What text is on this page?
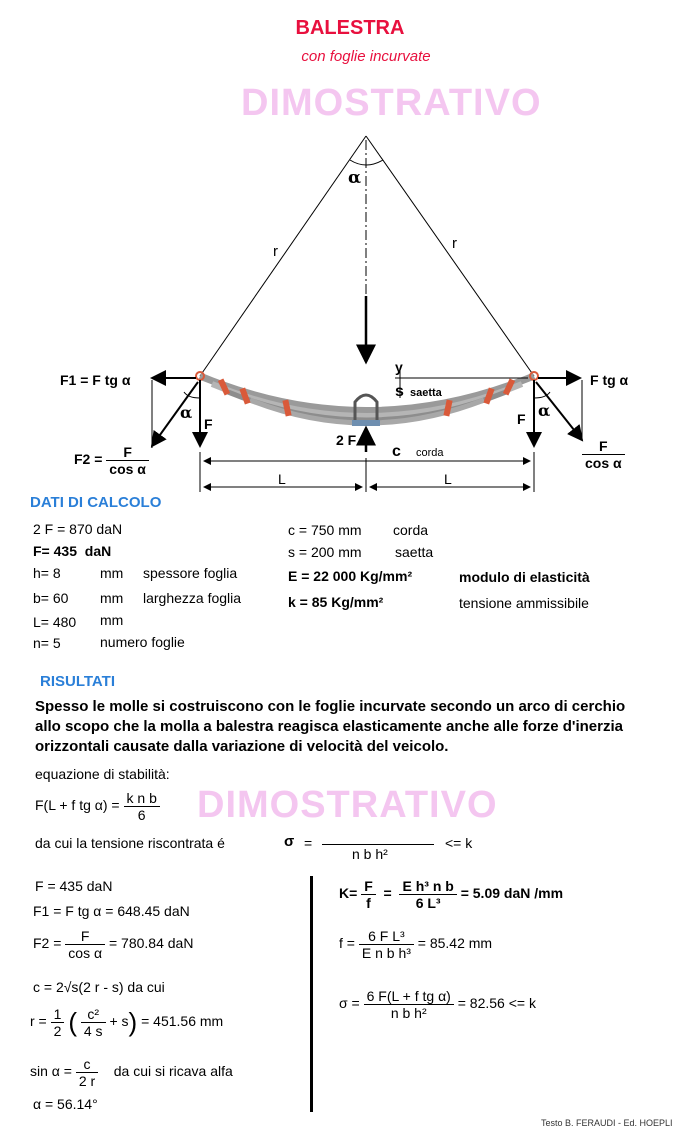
BALESTRA
con foglie incurvate
DIMOSTRATIVO
α
r	r
F1 = F tg α	F tg α
α	α
F	F
2 F
y
s saetta
c corda
L	L
$F2 = \frac{F}{\text{cos α}}$	$\frac{F}{\text{cos α}}$
DATI DI CALCOLO
2 F = 870 daN
F= 435 daN
h= 8	mm spessore foglia
b= 60 mm larghezza foglia
L= 480 mm
n= 5	numero foglie
c = 750 mm corda
s = 200 mm saetta
E = 22 000 Kg/mm²	modulo di elasticità
k = 85 Kg/mm²	tensione ammissibile
RISULTATI
Spesso le molle si costruiscono con le foglie incurvate secondo un arco di cerchio
allo scopo che la molla a balestra reagisca elasticamente anche alle forze d'inerzia
orizzontali causate dalla variazione di velocità del veicolo.
equazione di stabilità:
F(L + f tg $\alpha) = \frac{\text{k n b}}{6}$ DIMOSTRATIVO
da cui la tensione riscontrata é	σ =
n b h²
<= k
F = 435 daN
F1 = F tg α = 648.45 daN
$F2 = \frac{F}{\text{cos α}} = 780.84$ daN
c = 2√s(2 r - s) da cui
$r = \frac{1}{2}$ ( $\frac{\text{c²}}{4 s} + s) = 451.56$ mm
$\sin \alpha = \frac{c}{2 r}$ da cui si ricava alfa
α = 56.14°
$K= \frac{F}{f} = \frac{\text{E h³ n b}}{\text{6 L³}} = 5.09$ daN /mm
$f = \frac{\text{6 F L³}}{\text{E n b h³}} = 85.42$ mm
$\sigma = \frac{\text{6 F(L + f tg α)}}{\text{n b h²}} = 82.56 <= k$
Testo B. FERAUDI - Ed. HOEPLI
